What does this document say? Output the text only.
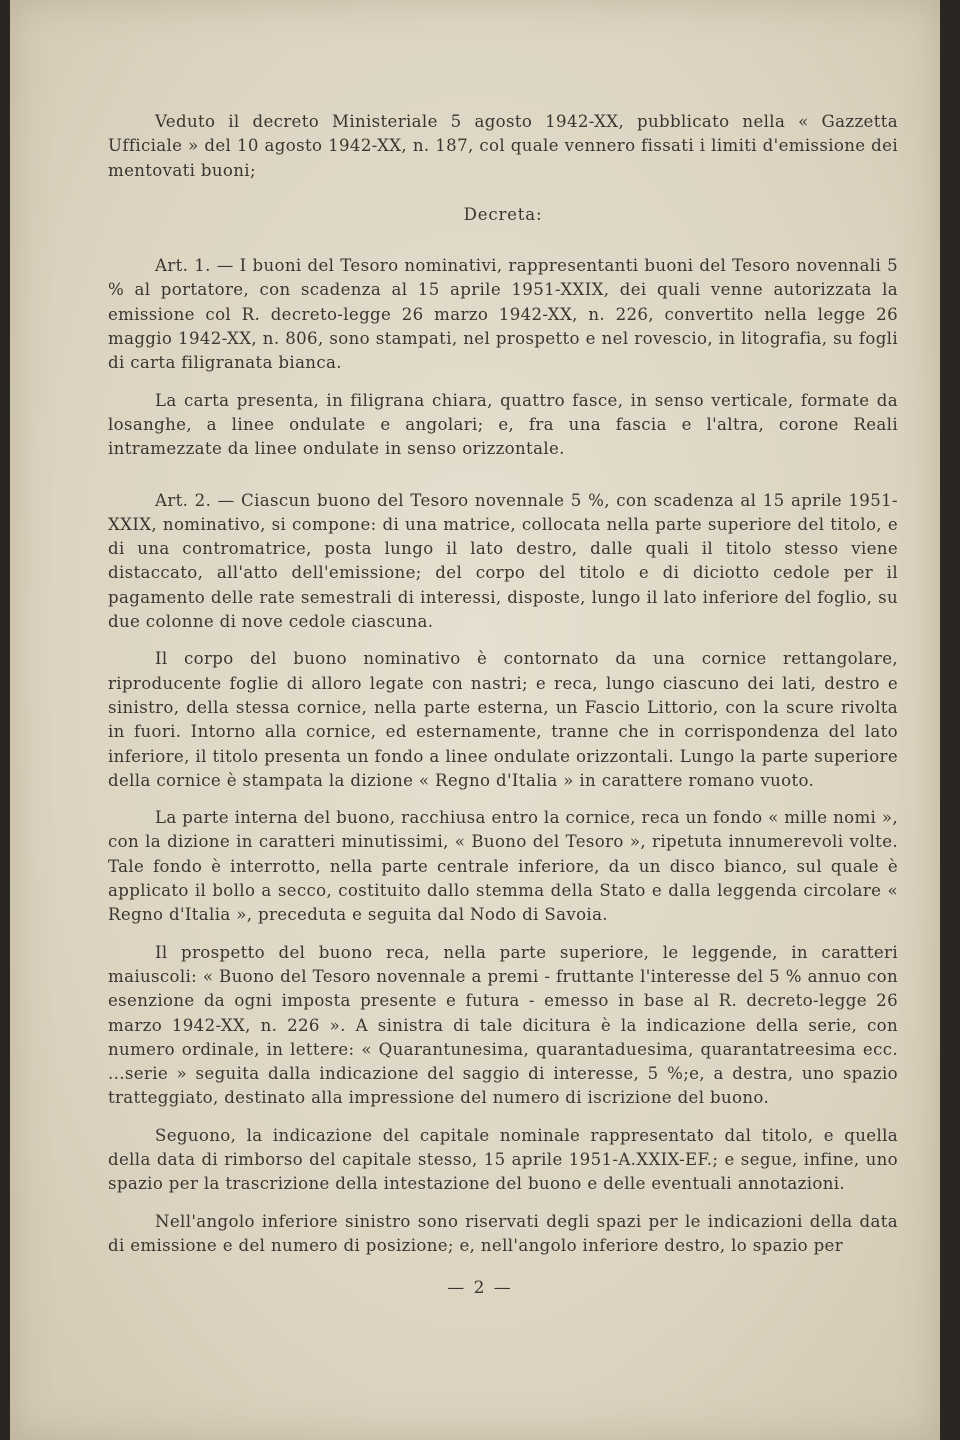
Veduto il decreto Ministeriale 5 agosto 1942-XX, pubblicato nella « Gazzetta Ufficiale » del 10 agosto 1942-XX, n. 187, col quale vennero fissati i limiti d'emissione dei mentovati buoni;

Decreta:

Art. 1. — I buoni del Tesoro nominativi, rappresentanti buoni del Tesoro novennali 5 % al portatore, con scadenza al 15 aprile 1951-XXIX, dei quali venne autorizzata la emissione col R. decreto-legge 26 marzo 1942-XX, n. 226, convertito nella legge 26 maggio 1942-XX, n. 806, sono stampati, nel prospetto e nel rovescio, in litografia, su fogli di carta filigranata bianca.

La carta presenta, in filigrana chiara, quattro fasce, in senso verticale, formate da losanghe, a linee ondulate e angolari; e, fra una fascia e l'altra, corone Reali intramezzate da linee ondulate in senso orizzontale.

Art. 2. — Ciascun buono del Tesoro novennale 5 %, con scadenza al 15 aprile 1951-XXIX, nominativo, si compone: di una matrice, collocata nella parte superiore del titolo, e di una contromatrice, posta lungo il lato destro, dalle quali il titolo stesso viene distaccato, all'atto dell'emissione; del corpo del titolo e di diciotto cedole per il pagamento delle rate semestrali di interessi, disposte, lungo il lato inferiore del foglio, su due colonne di nove cedole ciascuna.

Il corpo del buono nominativo è contornato da una cornice rettangolare, riproducente foglie di alloro legate con nastri; e reca, lungo ciascuno dei lati, destro e sinistro, della stessa cornice, nella parte esterna, un Fascio Littorio, con la scure rivolta in fuori. Intorno alla cornice, ed esternamente, tranne che in corrispondenza del lato inferiore, il titolo presenta un fondo a linee ondulate orizzontali. Lungo la parte superiore della cornice è stampata la dizione « Regno d'Italia » in carattere romano vuoto.

La parte interna del buono, racchiusa entro la cornice, reca un fondo « mille nomi », con la dizione in caratteri minutissimi, « Buono del Tesoro », ripetuta innumerevoli volte. Tale fondo è interrotto, nella parte centrale inferiore, da un disco bianco, sul quale è applicato il bollo a secco, costituito dallo stemma della Stato e dalla leggenda circolare « Regno d'Italia », preceduta e seguita dal Nodo di Savoia.

Il prospetto del buono reca, nella parte superiore, le leggende, in caratteri maiuscoli: « Buono del Tesoro novennale a premi - fruttante l'interesse del 5 % annuo con esenzione da ogni imposta presente e futura - emesso in base al R. decreto-legge 26 marzo 1942-XX, n. 226 ». A sinistra di tale dicitura è la indicazione della serie, con numero ordinale, in lettere: « Quarantunesima, quarantaduesima, quarantatreesima ecc. ...serie » seguita dalla indicazione del saggio di interesse, 5 %;e, a destra, uno spazio tratteggiato, destinato alla impressione del numero di iscrizione del buono.

Seguono, la indicazione del capitale nominale rappresentato dal titolo, e quella della data di rimborso del capitale stesso, 15 aprile 1951-A.XXIX-EF.; e segue, infine, uno spazio per la trascrizione della intestazione del buono e delle eventuali annotazioni.

Nell'angolo inferiore sinistro sono riservati degli spazi per le indicazioni della data di emissione e del numero di posizione; e, nell'angolo inferiore destro, lo spazio per

— 2 —
